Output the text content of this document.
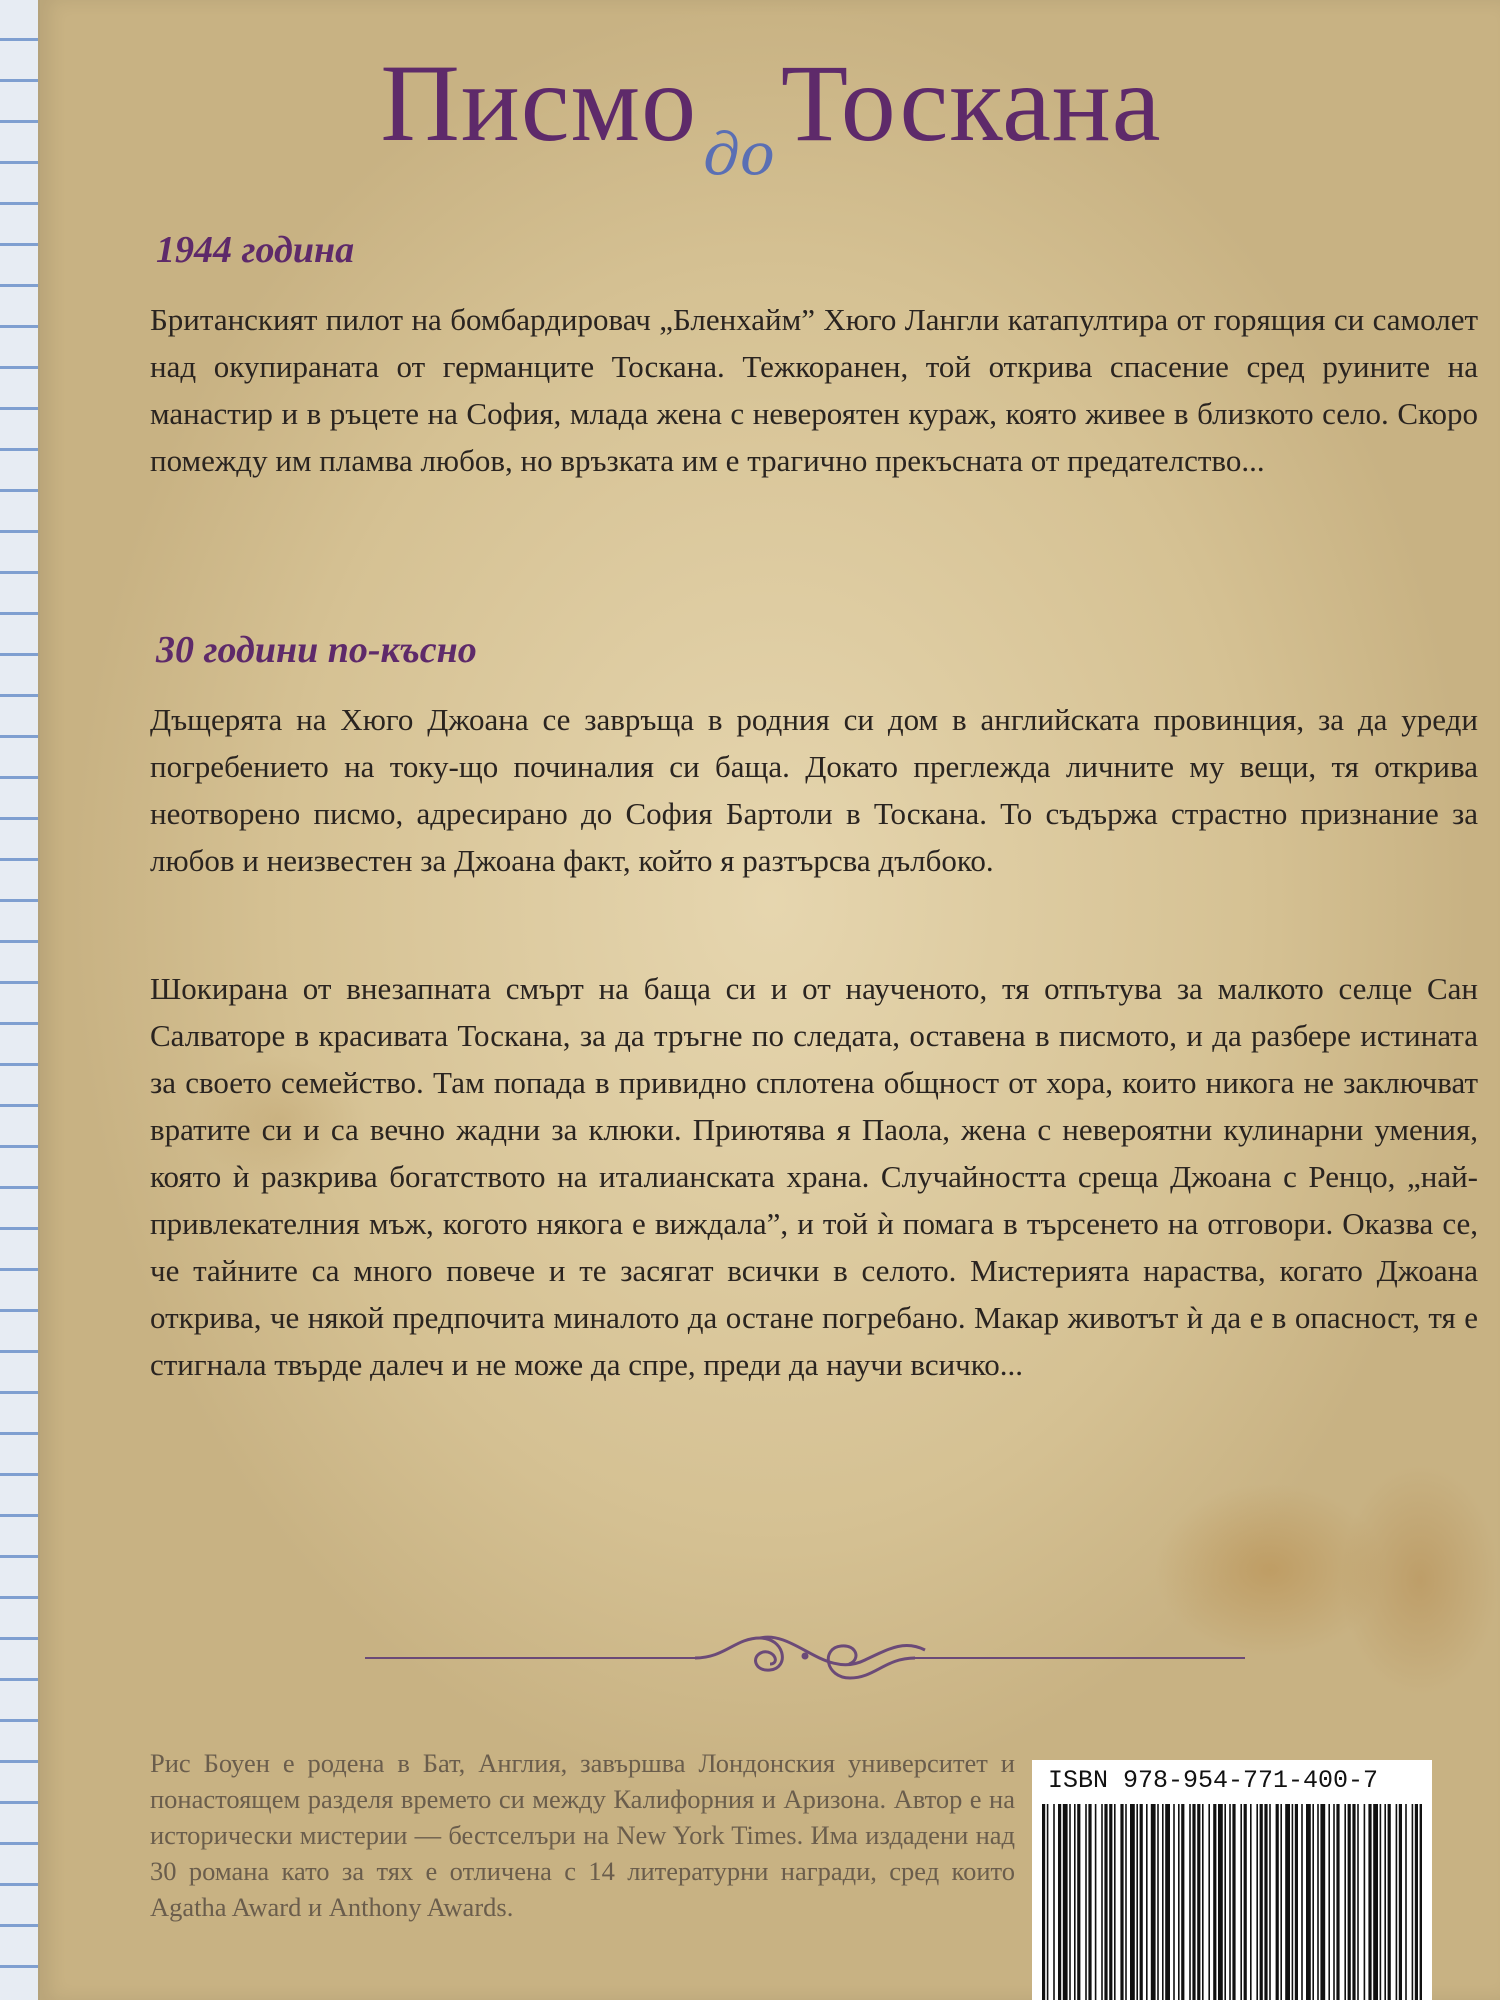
Писмо доТоскана
1944 година

Британският пилот на бомбардировач „Бленхайм” Хюго Лангли катапултира от горящия си самолет над окупираната от германците Тоскана. Тежкоранен, той открива спасение сред руините на манастир и в ръцете на София, млада жена с невероятен кураж, която живее в близкото село. Скоро помежду им пламва любов, но връзката им е трагично прекъсната от предателство...

30 години по-късно

Дъщерята на Хюго Джоана се завръща в родния си дом в английската провинция, за да уреди погребението на току-що починалия си баща. Докато преглежда личните му вещи, тя открива неотворено писмо, адресирано до София Бартоли в Тоскана. То съдържа страстно признание за любов и неизвестен за Джоана факт, който я разтърсва дълбоко.

Шокирана от внезапната смърт на баща си и от наученото, тя отпътува за малкото селце Сан Салваторе в красивата Тоскана, за да тръгне по следата, оставена в писмото, и да разбере истината за своето семейство. Там попада в привидно сплотена общност от хора, които никога не заключват вратите си и са вечно жадни за клюки. Приютява я Паола, жена с невероятни кулинарни умения, която ѝ разкрива богатството на италианската храна. Случайността среща Джоана с Ренцо, „най-привлекателния мъж, когото някога е виждала”, и той ѝ помага в търсенето на отговори. Оказва се, че тайните са много повече и те засягат всички в селото. Мистерията нараства, когато Джоана открива, че някой предпочита миналото да остане погребано. Макар животът ѝ да е в опасност, тя е стигнала твърде далеч и не може да спре, преди да научи всичко...

Рис Боуен е родена в Бат, Англия, завършва Лондонския университет и понастоящем разделя времето си между Калифорния и Аризона. Автор е на исторически мистерии — бестселъри на New York Times. Има издадени над 30 романа като за тях е отличена с 14 литературни награди, сред които Agatha Award и Anthony Awards.

ISBN 978-954-771-400-7
